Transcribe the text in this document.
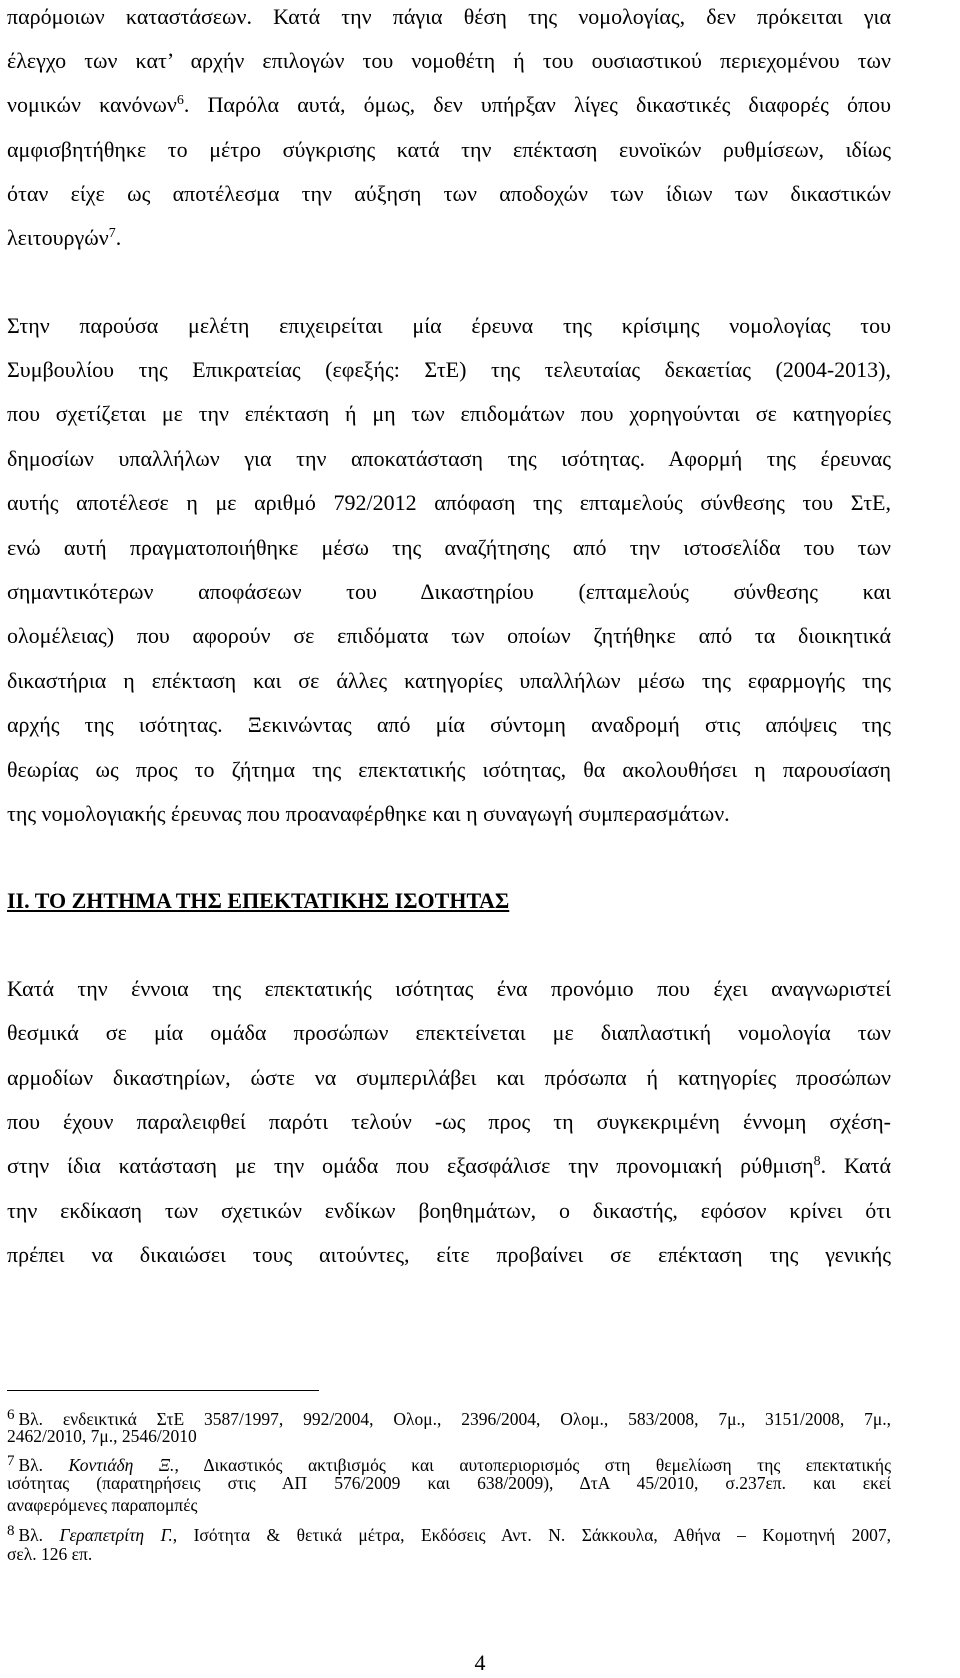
παρόμοιων καταστάσεων. Κατά την πάγια θέση της νομολογίας, δεν πρόκειται για
έλεγχο των κατ’ αρχήν επιλογών του νομοθέτη ή του ουσιαστικού περιεχομένου των
νομικών κανόνων$^6$. Παρόλα αυτά, όμως, δεν υπήρξαν λίγες δικαστικές διαφορές όπου
αμφισβητήθηκε το μέτρο σύγκρισης κατά την επέκταση ευνοϊκών ρυθμίσεων, ιδίως
όταν είχε ως αποτέλεσμα την αύξηση των αποδοχών των ίδιων των δικαστικών
λειτουργών$^7$.
Στην παρούσα μελέτη επιχειρείται μία έρευνα της κρίσιμης νομολογίας του
Συμβουλίου της Επικρατείας (εφεξής: ΣτΕ) της τελευταίας δεκαετίας (2004-2013),
που σχετίζεται με την επέκταση ή μη των επιδομάτων που χορηγούνται σε κατηγορίες
δημοσίων υπαλλήλων για την αποκατάσταση της ισότητας. Αφορμή της έρευνας
αυτής αποτέλεσε η με αριθμό 792/2012 απόφαση της επταμελούς σύνθεσης του ΣτΕ,
ενώ αυτή πραγματοποιήθηκε μέσω της αναζήτησης από την ιστοσελίδα του των
σημαντικότερων αποφάσεων του Δικαστηρίου (επταμελούς σύνθεσης και
ολομέλειας) που αφορούν σε επιδόματα των οποίων ζητήθηκε από τα διοικητικά
δικαστήρια η επέκταση και σε άλλες κατηγορίες υπαλλήλων μέσω της εφαρμογής της
αρχής της ισότητας. Ξεκινώντας από μία σύντομη αναδρομή στις απόψεις της
θεωρίας ως προς το ζήτημα της επεκτατικής ισότητας, θα ακολουθήσει η παρουσίαση
της νομολογιακής έρευνας που προαναφέρθηκε και η συναγωγή συμπερασμάτων.
ΙΙ. ΤΟ ΖΗΤΗΜΑ ΤΗΣ ΕΠΕΚΤΑΤΙΚΗΣ ΙΣΟΤΗΤΑΣ
Κατά την έννοια της επεκτατικής ισότητας ένα προνόμιο που έχει αναγνωριστεί
θεσμικά σε μία ομάδα προσώπων επεκτείνεται με διαπλαστική νομολογία των
αρμοδίων δικαστηρίων, ώστε να συμπεριλάβει και πρόσωπα ή κατηγορίες προσώπων
που έχουν παραλειφθεί παρότι τελούν -ως προς τη συγκεκριμένη έννομη σχέση-
στην ίδια κατάσταση με την ομάδα που εξασφάλισε την προνομιακή ρύθμιση$^8$. Κατά
την εκδίκαση των σχετικών ενδίκων βοηθημάτων, ο δικαστής, εφόσον κρίνει ότι
πρέπει να δικαιώσει τους αιτούντες, είτε προβαίνει σε επέκταση της γενικής
6 Βλ. ενδεικτικά ΣτΕ 3587/1997, 992/2004, Ολομ., 2396/2004, Ολομ., 583/2008, 7μ., 3151/2008, 7μ.,
2462/2010, 7μ., 2546/2010
7 Βλ. Κοντιάδη Ξ., Δικαστικός ακτιβισμός και αυτοπεριορισμός στη θεμελίωση της επεκτατικής
ισότητας (παρατηρήσεις στις ΑΠ 576/2009 και 638/2009), ΔτΑ 45/2010, σ.237επ. και εκεί
αναφερόμενες παραπομπές
8 Βλ. Γεραπετρίτη Γ., Ισότητα & θετικά μέτρα, Εκδόσεις Αντ. Ν. Σάκκουλα, Αθήνα – Κομοτηνή 2007,
σελ. 126 επ.
4
